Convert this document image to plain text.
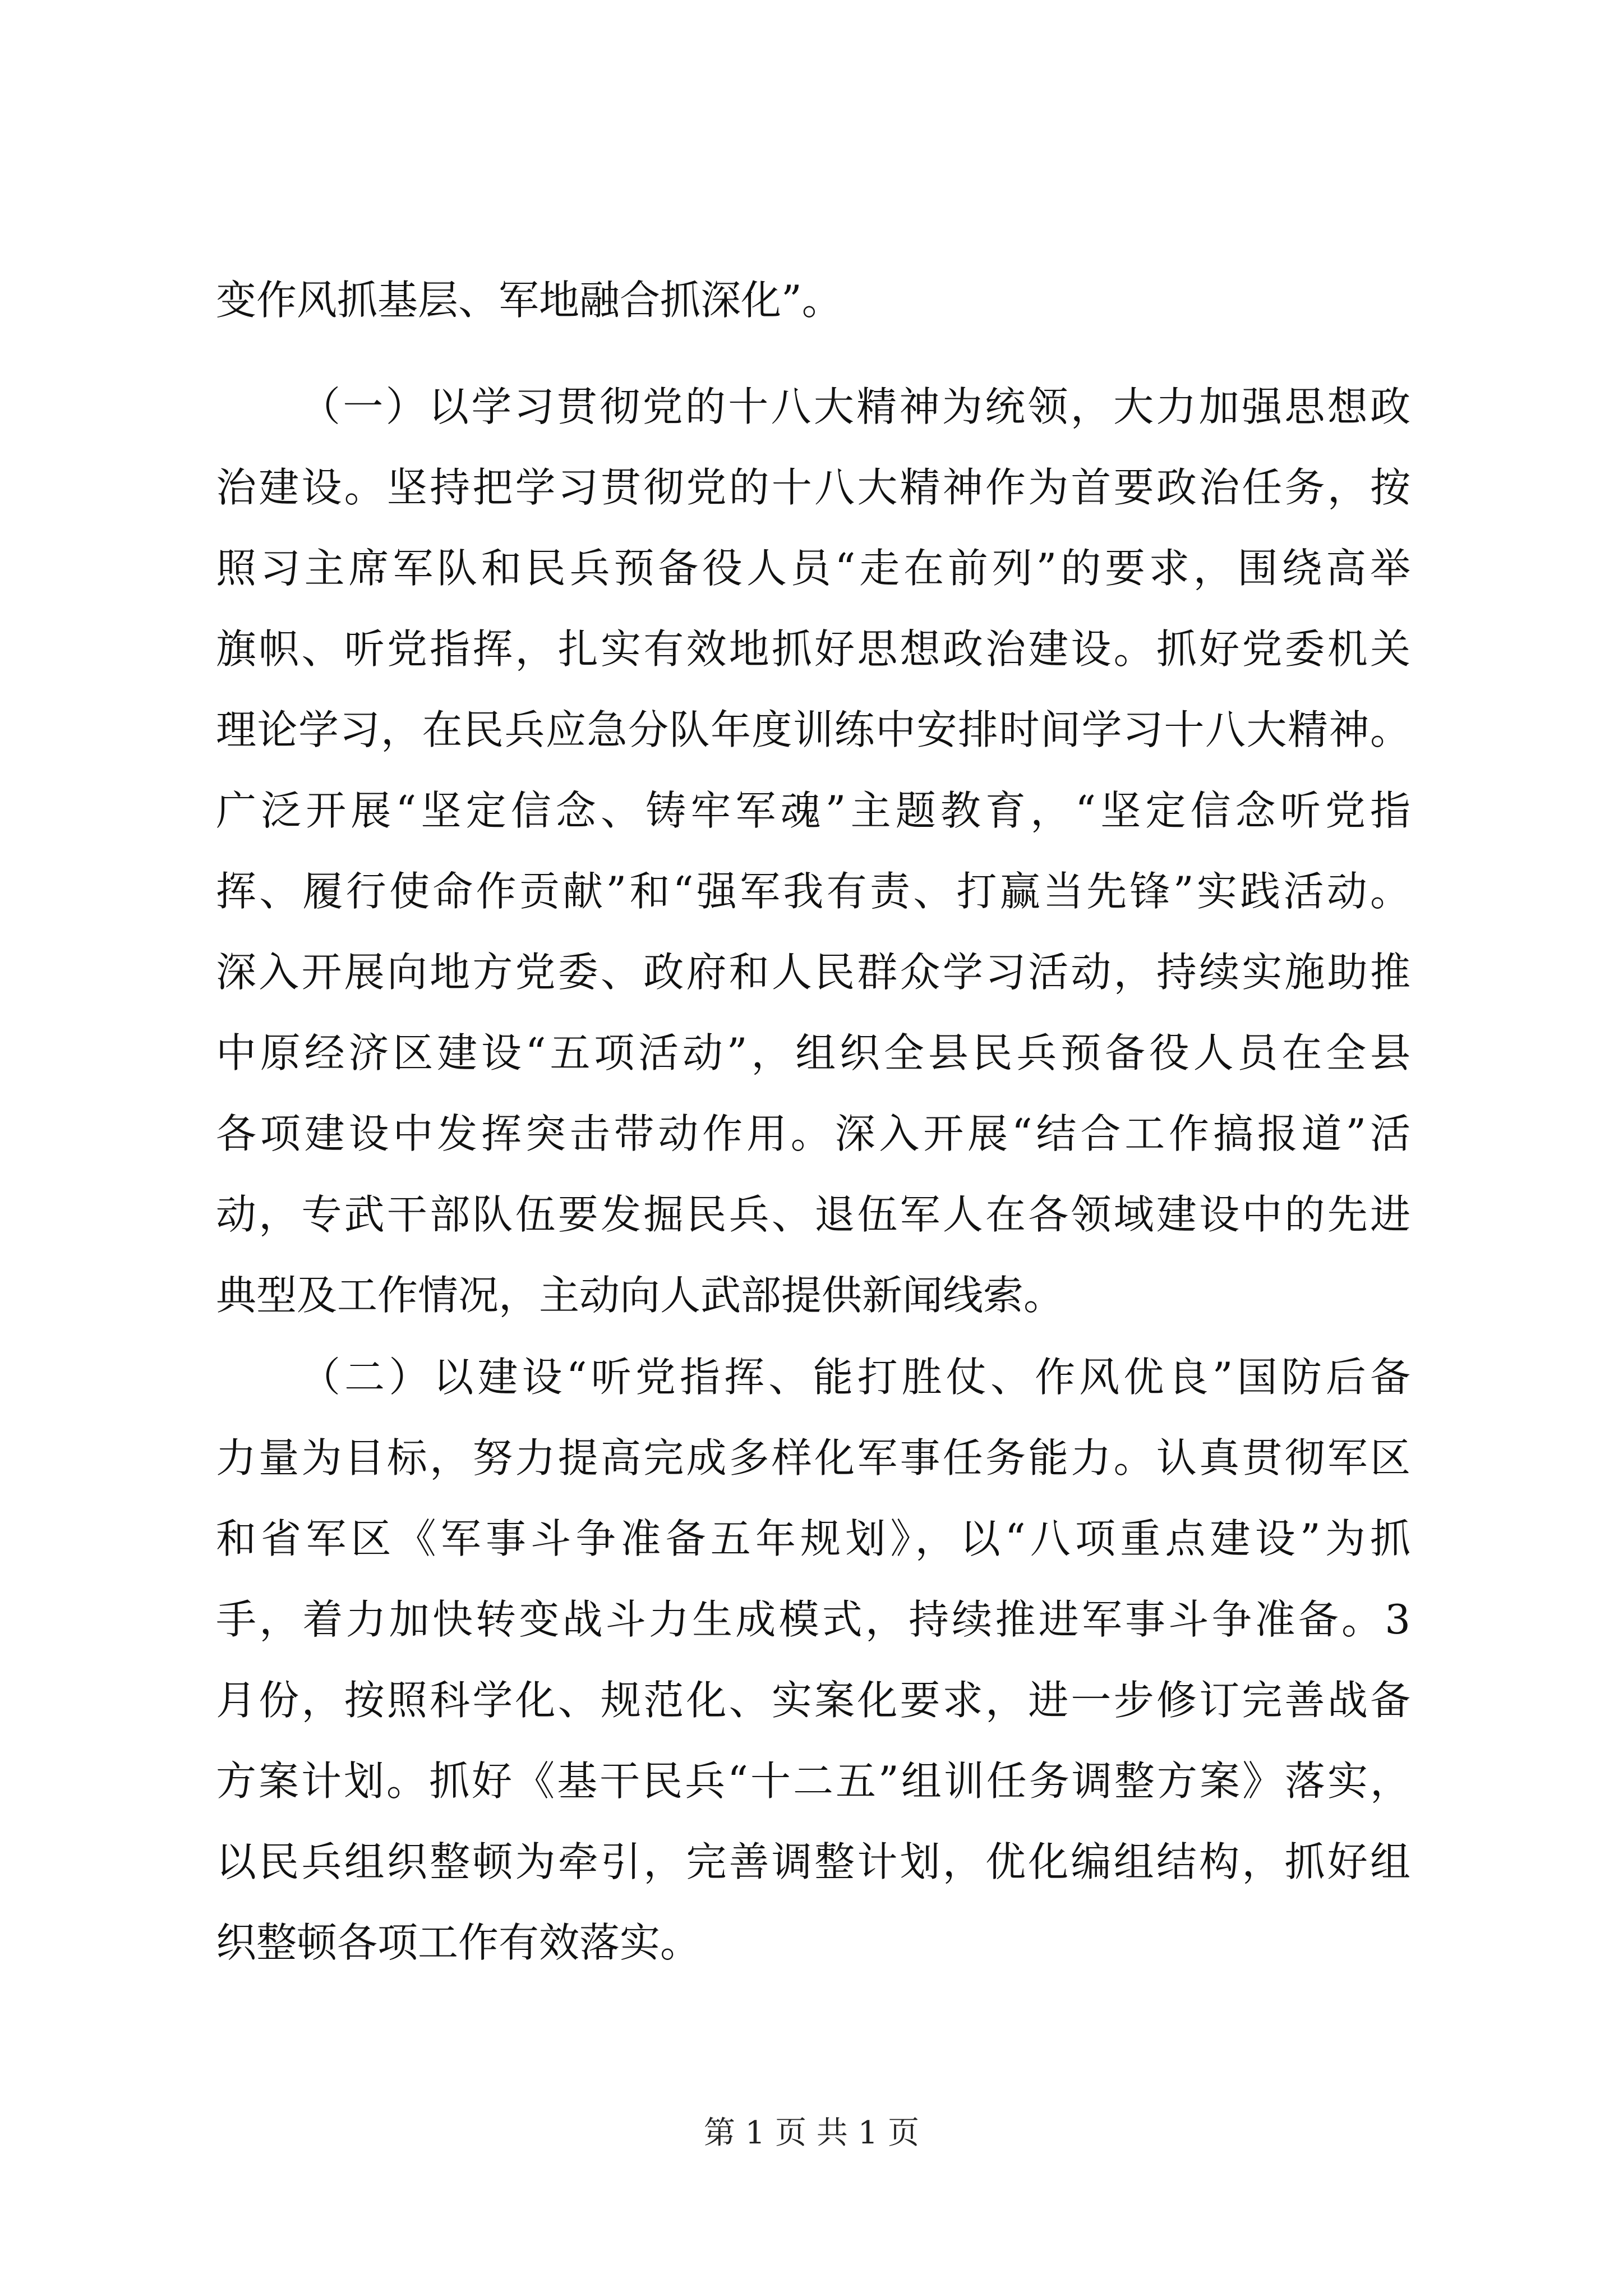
变作风抓基层、军地融合抓深化”。
（一）以学习贯彻党的十八大精神为统领，大力加强思想政
治建设。坚持把学习贯彻党的十八大精神作为首要政治任务，按
照习主席军队和民兵预备役人员“走在前列”的要求，围绕高举
旗帜、听党指挥，扎实有效地抓好思想政治建设。抓好党委机关
理论学习，在民兵应急分队年度训练中安排时间学习十八大精神。
广泛开展“坚定信念、铸牢军魂”主题教育，“坚定信念听党指
挥、履行使命作贡献”和“强军我有责、打赢当先锋”实践活动。
深入开展向地方党委、政府和人民群众学习活动，持续实施助推
中原经济区建设“五项活动”，组织全县民兵预备役人员在全县
各项建设中发挥突击带动作用。深入开展“结合工作搞报道”活
动，专武干部队伍要发掘民兵、退伍军人在各领域建设中的先进
典型及工作情况，主动向人武部提供新闻线索。
（二）以建设“听党指挥、能打胜仗、作风优良”国防后备
力量为目标，努力提高完成多样化军事任务能力。认真贯彻军区
和省军区《军事斗争准备五年规划》，以“八项重点建设”为抓
手，着力加快转变战斗力生成模式，持续推进军事斗争准备。3
月份，按照科学化、规范化、实案化要求，进一步修订完善战备
方案计划。抓好《基干民兵“十二五”组训任务调整方案》落实，
以民兵组织整顿为牵引，完善调整计划，优化编组结构，抓好组
织整顿各项工作有效落实。
第 1 页 共 1 页
